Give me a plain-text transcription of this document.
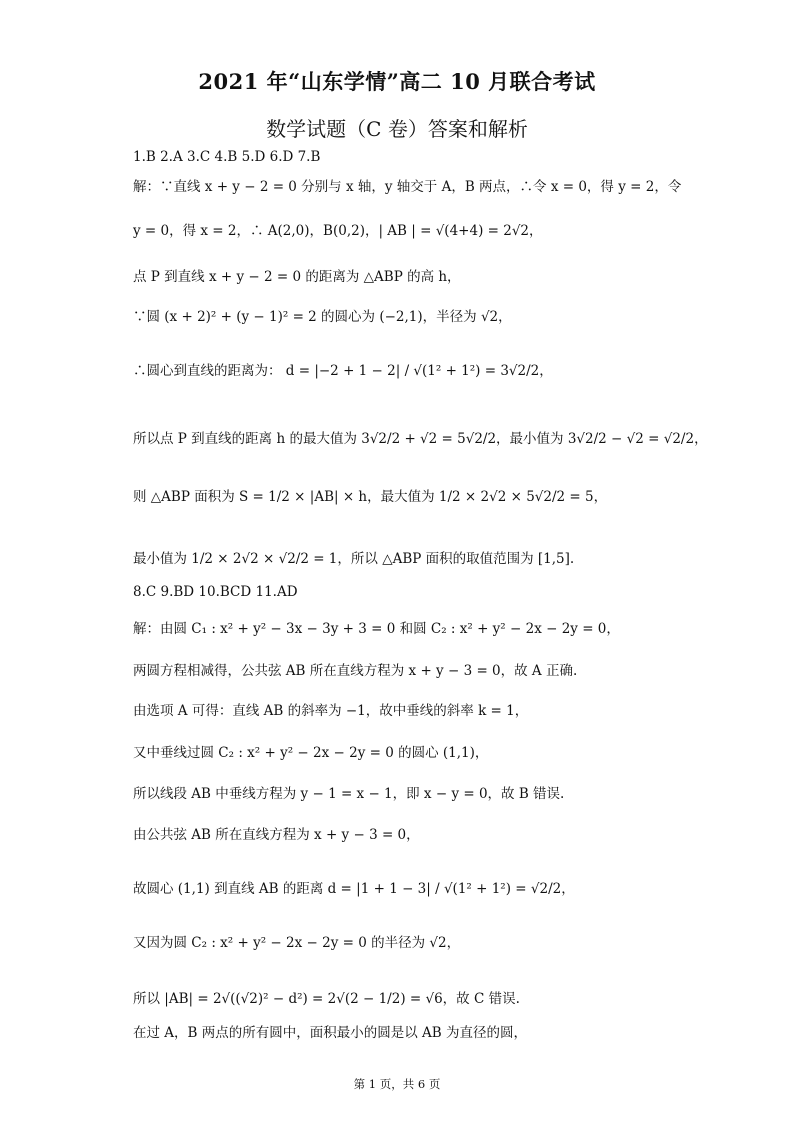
2021 年“山东学情”高二 10 月联合考试
数学试题（C 卷）答案和解析
1.B 2.A 3.C 4.B 5.D 6.D 7.B
解：∵直线 x + y − 2 = 0 分别与 x 轴，y 轴交于 A，B 两点，∴令 x = 0，得 y = 2，令
y = 0，得 x = 2，∴ A(2,0)，B(0,2)，| AB | = √(4+4) = 2√2，
点 P 到直线 x + y − 2 = 0 的距离为 △ABP 的高 h，
∵圆 (x + 2)² + (y − 1)² = 2 的圆心为 (−2,1)，半径为 √2，
∴圆心到直线的距离为： d = |−2 + 1 − 2| / √(1² + 1²) = 3√2/2，
所以点 P 到直线的距离 h 的最大值为 3√2/2 + √2 = 5√2/2，最小值为 3√2/2 − √2 = √2/2，
则 △ABP 面积为 S = 1/2 × |AB| × h，最大值为 1/2 × 2√2 × 5√2/2 = 5，
最小值为 1/2 × 2√2 × √2/2 = 1，所以 △ABP 面积的取值范围为 [1,5].
8.C 9.BD 10.BCD 11.AD
解：由圆 C₁ : x² + y² − 3x − 3y + 3 = 0 和圆 C₂ : x² + y² − 2x − 2y = 0，
两圆方程相减得，公共弦 AB 所在直线方程为 x + y − 3 = 0，故 A 正确.
由选项 A 可得：直线 AB 的斜率为 −1，故中垂线的斜率 k = 1，
又中垂线过圆 C₂ : x² + y² − 2x − 2y = 0 的圆心 (1,1)，
所以线段 AB 中垂线方程为 y − 1 = x − 1，即 x − y = 0，故 B 错误.
由公共弦 AB 所在直线方程为 x + y − 3 = 0，
故圆心 (1,1) 到直线 AB 的距离 d = |1 + 1 − 3| / √(1² + 1²) = √2/2，
又因为圆 C₂ : x² + y² − 2x − 2y = 0 的半径为 √2，
所以 |AB| = 2√((√2)² − d²) = 2√(2 − 1/2) = √6，故 C 错误.
在过 A，B 两点的所有圆中，面积最小的圆是以 AB 为直径的圆，
第 1 页，共 6 页
